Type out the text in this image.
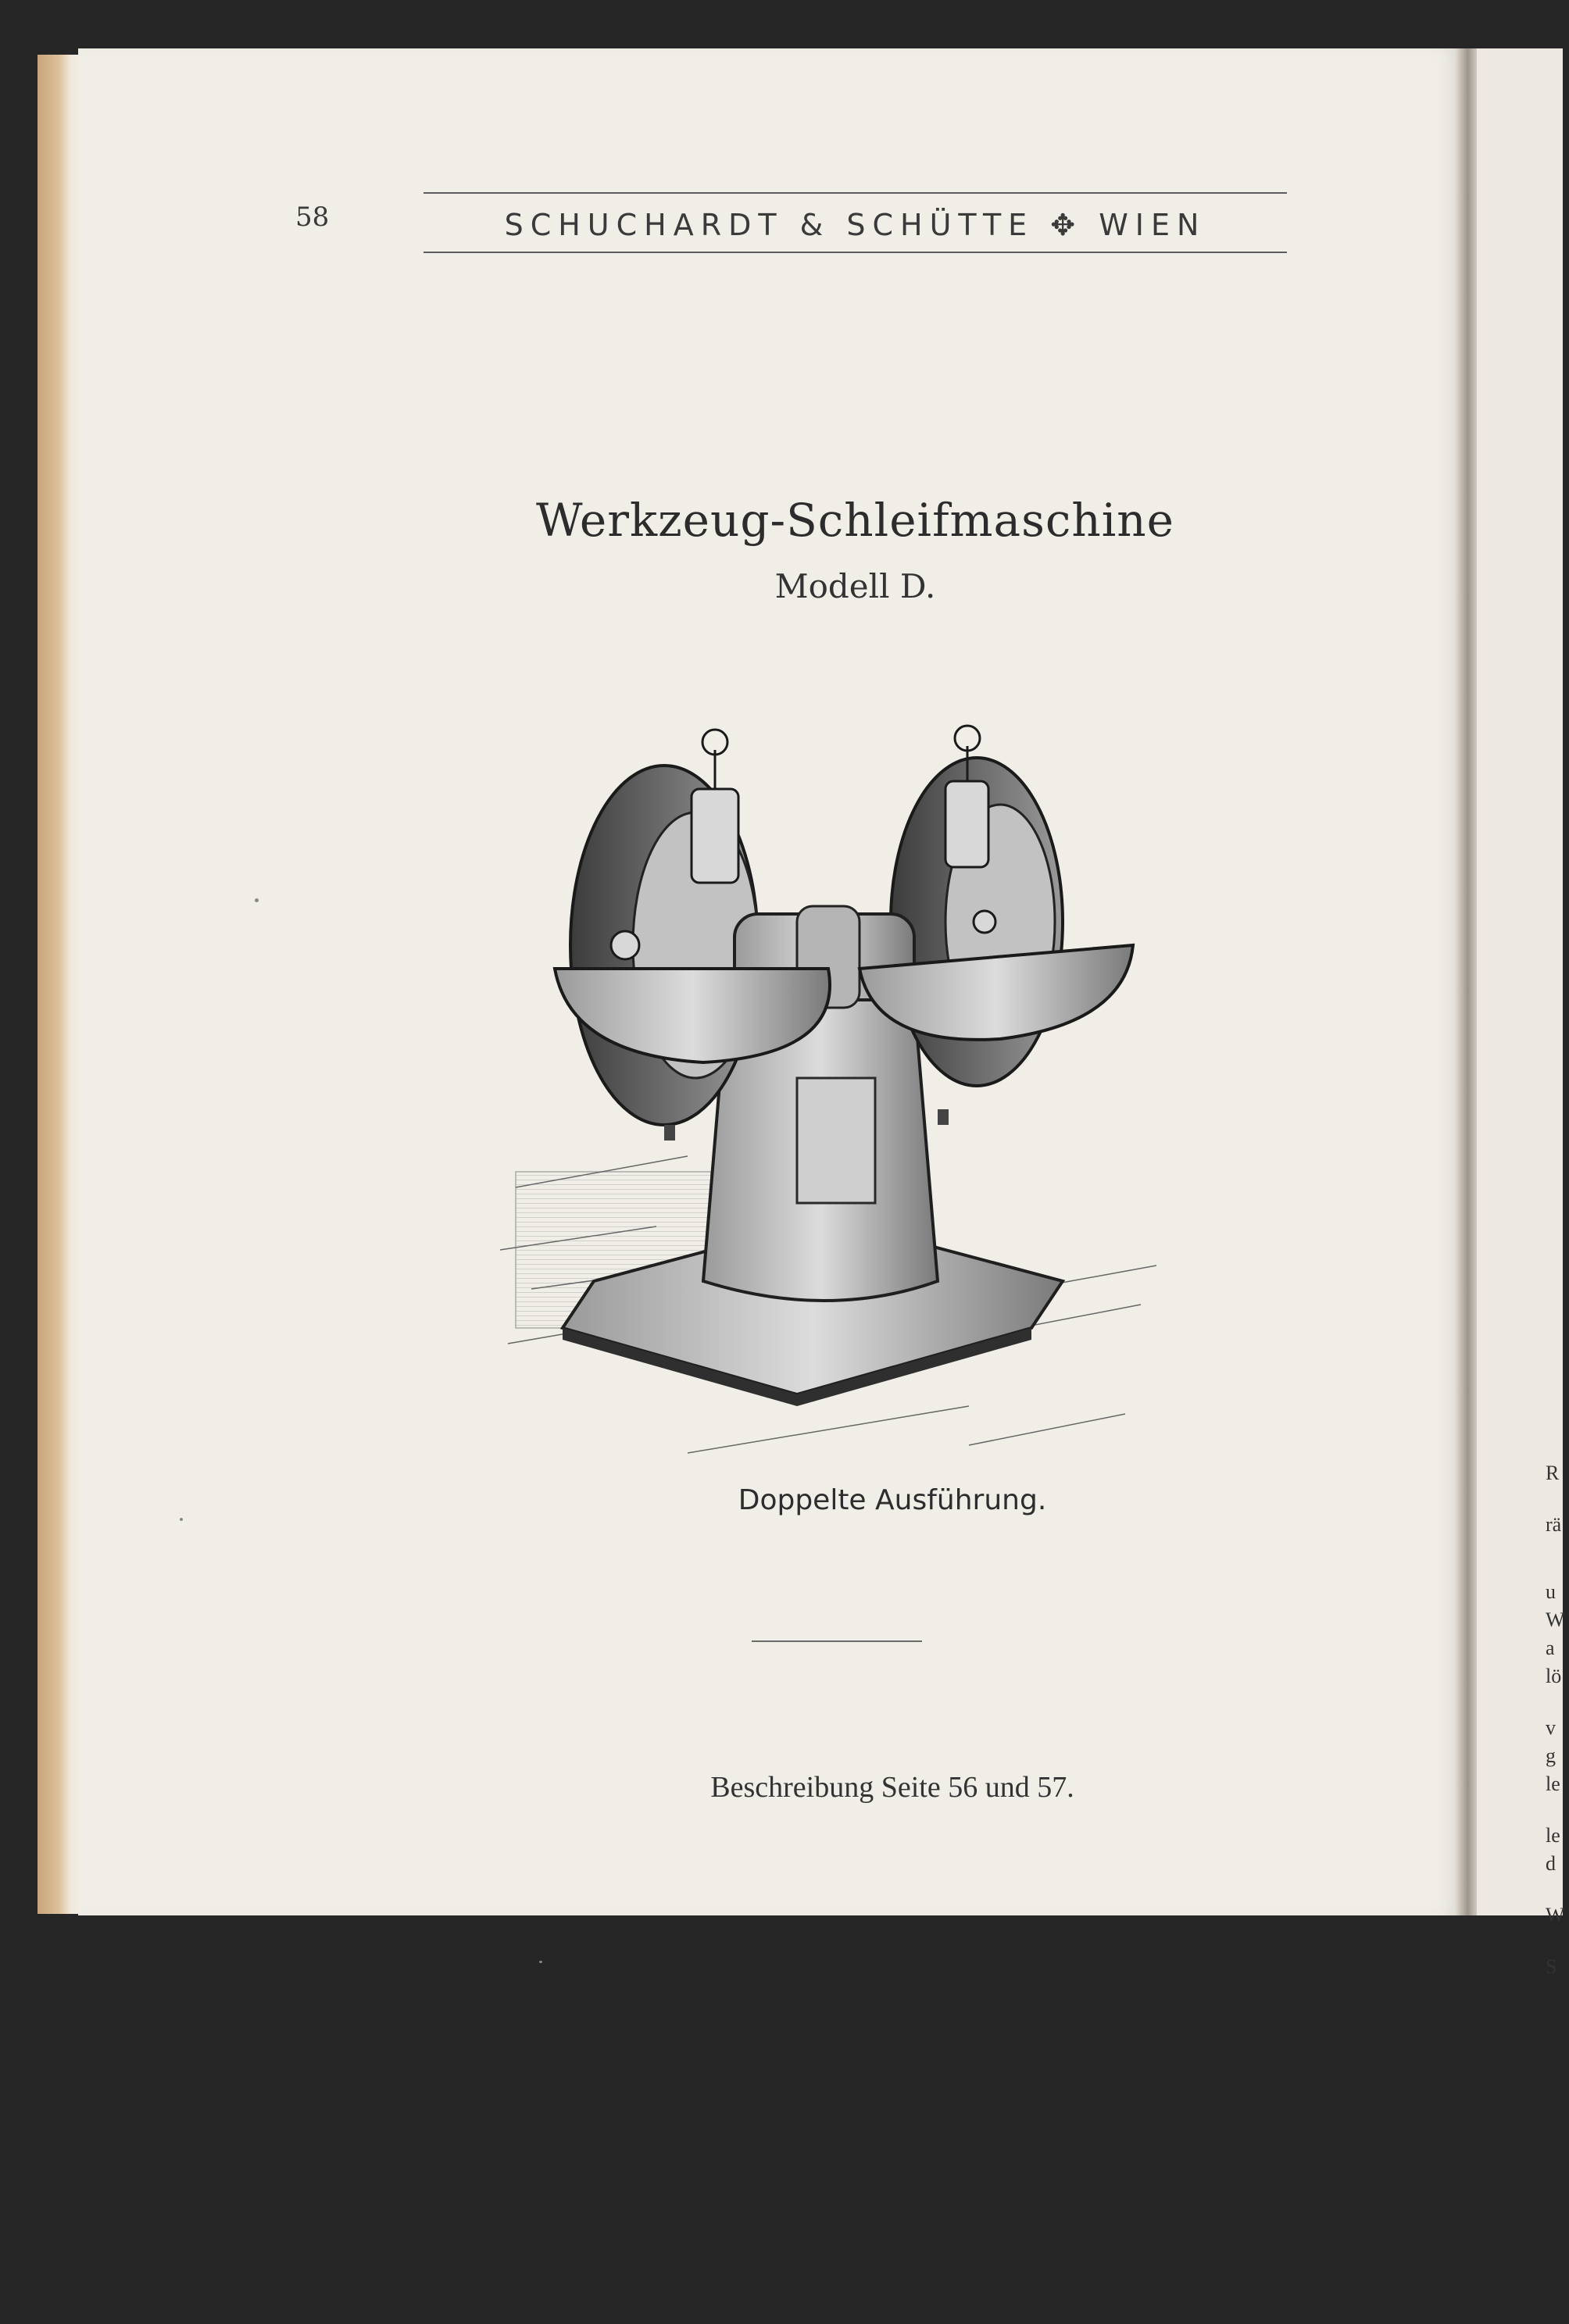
58	SCHUCHARDT & SCHÜTTE ✥ WIEN
Werkzeug-Schleifmaschine
Modell D.
Doppelte Ausführung.
Beschreibung Seite 56 und 57.
R
rä
u
W
a
lö
v
g
le
le
d
W
S
